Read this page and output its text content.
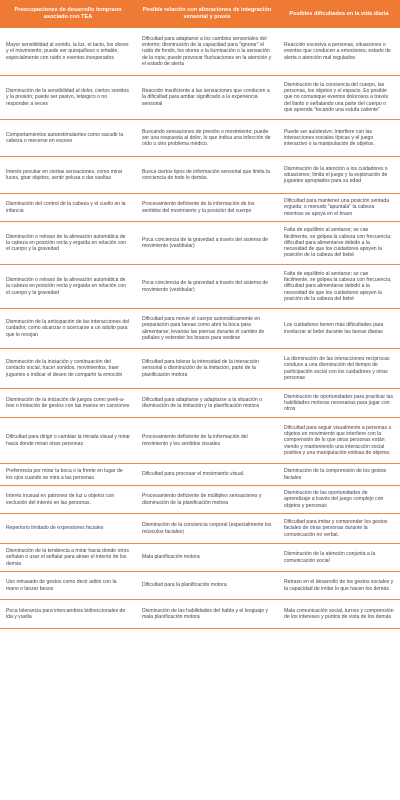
Preocupaciones de desarrollo temprano asociado con TEA
Posible relación con alteraciones de integración sensorial y praxis
Posibles dificultades en la vida diaria
Mayor sensibilidad al sonido, la luz, el tacto, los olores y el movimiento; puede ser quisquilloso o irritable, especialmente con ruido o eventos inesperados
Dificultad para adaptarse a los cambios sensoriales del entorno; disminución de la capacidad para "ignorar" el ruido de fondo, los olores o la iluminación o la sensación de la ropa; puede provocar fluctuaciones en la atención y el estado de alerta
Reacción excesiva a personas, situaciones o eventos que conducen a emociones; estado de alerta o atención mal regulados
Disminución de la sensibilidad al dolor, ciertos sonidos y la presión; puede ser pasivo, letárgico o no responder a veces
Reacción insuficiente a las sensaciones que conducen a la dificultad para ambar significado a la experiencia sensorial
Disminución de la conciencia del cuerpo, las personas, los objetos y el espacio. Es posible que no comunique eventos dolorosos a través del llanto o señalando una parte del cuerpo o que aprenda "tocando una estufa caliente"
Comportamientos autoestimulantes como sacudir la cabeza o mecerse en exceso
Buscando sensaciones de presión o movimiento; puede ser una respuesta al dolor, lo que indica una infección de oído u otro problema médico.
Puede ser autolesivo; Interfiere con las interacciones sociales típicas y el juego interactivo o la manipulación de objetos.
Interés peculiar en ciertas sensaciones, como mirar luces, girar objetos, sentir pelusa o dar vueltas
Busca ciertos tipos de información sensorial que limita la conciencia de todo lo demás.
Disminución de la atención a los cuidadores o situaciones; limita el juego y la exploración de juguetes apropiados para su edad
Disminución del control de la cabeza y el cuello en la infancia
Procesamiento deficiente de la información de los sentidos del movimiento y la posición del cuerpo
Dificultad para mantener una posición sentada erguida; o menudo "apuntala" la cabeza mientras se apoya en el brazo
Disminución o retraso de la alineación automática de la cabeza en posición recta y erguida en relación con el cuerpo y la gravedad
Poca conciencia de la gravedad a través del sistema de movimiento (vestibular)
Falta de equilibrio al sentarse; se cae fácilmente, se golpea la cabeza con frecuencia; dificultad para alimentarse debido a la necesidad de que los cuidadores apoyen la posición de la cabeza del bebé
Disminución o retraso de la alineación automática de la cabeza en posición recta y erguida en relación con el cuerpo y la gravedad
Poca conciencia de la gravedad a través del sistema de movimiento (vestibular)
Falta de equilibrio al sentarse; se cae fácilmente, se golpea la cabeza con frecuencia; dificultad para alimentarse debido a la necesidad de que los cuidadores apoyen la posición de la cabeza del bebé
Disminución de la anticipación de las interacciones del cuidador, como alcanzar o acercarse a un adulto para que lo recojan
Dificultad para mover el cuerpo automáticamente en preparación para tareas como abrir la boca para alimentarse; levantar las piernas durante el cambio de pañales y extender los brazos para vestirse
Los cuidadores tienen más dificultades para involucrar al bebé durante las tareas diarias
Disminución de la iniciación y continuación del contacto social, hacer sonidos, movimientos, traer juguetes o indicar el deseo de compartir la emoción
Dificultad para tolerar la intensidad de la interacción sensorial o disminución de la imitación, parte de la planificación motora
La disminución de las interacciones recíprocas conduce a una disminución del tiempo de participación social con los cuidadores y otras personas
Disminución de la iniciación de juegos como peek-a-boo o imitación de gestos con las manos en canciones
Dificultad para adaptarse y adaptarse a la situación o disminución de la imitación y la planificación motora
Disminución de oportunidades para practicar las habilidades motoras necesarias para jugar con otros
Dificultad para dirigir o cambiar la mirada visual y mirar hacia donde miran otras personas
Procesamiento deficiente de la información del movimiento y los sentidos visuales
Dificultad para seguir visualmente a personas u objetos en movimiento que interfiere con la comprensión de lo que otras personas están viendo y manteniendo una interacción social positiva y una manipulación exitosa de objetos.
Preferencia por mirar la boca o la frente en lugar de los ojos cuando se mira a las personas
Dificultad para procesar el movimiento visual.
Disminución de la comprensión de los gestos faciales
Interés inusual en patrones de luz u objetos con exclusión del interés en las personas.
Procesamiento deficiente de múltiples sensaciones y disminución de la planificación motora
Disminución de las oportunidades de aprendizaje a través del juego complejo con objetos y personas
Repertorio limitado de expresiones faciales
Disminución de la conciencia corporal (especialmente los músculos faciales)
Dificultad para imitar y comprender los gestos faciales de otras personas durante la comunicación no verbal.
Disminución de la tendencia a mirar hacia donde otros señalan o usar el señalar para atraer el interés de los demás
Mala planificación motora
Disminución de la atención conjunta a la comunicación social
Uso retrasado de gestos como decir adiós con la mano o lanzar besos
Dificultad para la planificación motora
Retraso en el desarrollo de los gestos sociales y la capacidad de imitar lo que hacen los demás
Poca tolerancia para intercambios bidireccionales de ida y vuelta
Disminución de las habilidades del habla y el lenguaje y mala planificación motora
Mala comunicación social, turnos y comprensión de los intereses y puntos de vista de los demás
